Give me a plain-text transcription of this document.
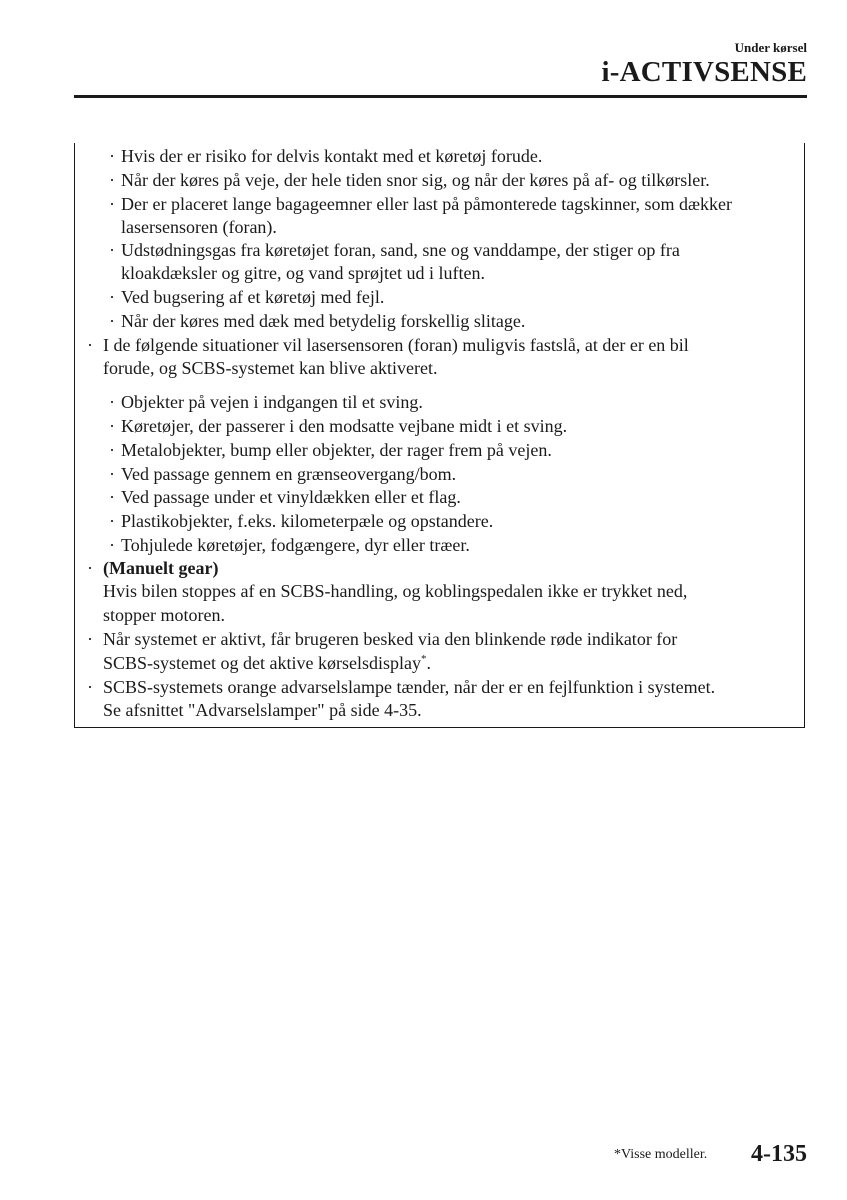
Under kørsel
i-ACTIVSENSE
· Hvis der er risiko for delvis kontakt med et køretøj forude.
· Når der køres på veje, der hele tiden snor sig, og når der køres på af- og tilkørsler.
· Der er placeret lange bagageemner eller last på påmonterede tagskinner, som dækker
lasersensoren (foran).
· Udstødningsgas fra køretøjet foran, sand, sne og vanddampe, der stiger op fra
kloakdæksler og gitre, og vand sprøjtet ud i luften.
· Ved bugsering af et køretøj med fejl.
· Når der køres med dæk med betydelig forskellig slitage.
· I de følgende situationer vil lasersensoren (foran) muligvis fastslå, at der er en bil
forude, og SCBS-systemet kan blive aktiveret.
· Objekter på vejen i indgangen til et sving.
· Køretøjer, der passerer i den modsatte vejbane midt i et sving.
· Metalobjekter, bump eller objekter, der rager frem på vejen.
· Ved passage gennem en grænseovergang/bom.
· Ved passage under et vinyldækken eller et flag.
· Plastikobjekter, f.eks. kilometerpæle og opstandere.
· Tohjulede køretøjer, fodgængere, dyr eller træer.
· (Manuelt gear)
Hvis bilen stoppes af en SCBS-handling, og koblingspedalen ikke er trykket ned,
stopper motoren.
· Når systemet er aktivt, får brugeren besked via den blinkende røde indikator for
SCBS-systemet og det aktive kørselsdisplay*.
· SCBS-systemets orange advarselslampe tænder, når der er en fejlfunktion i systemet.
Se afsnittet "Advarselslamper" på side 4-35.
*Visse modeller. 4-135
